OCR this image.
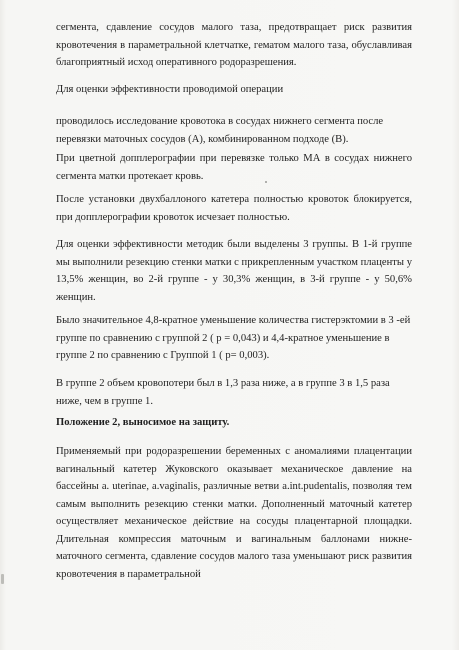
сегмента, сдавление сосудов малого таза, предотвращает риск развития кровотечения в параметральной клетчатке, гематом малого таза, обуславливая благоприятный исход оперативного родоразрешения.

Для оценки эффективности проводимой операции

проводилось исследование кровотока в сосудах нижнего сегмента после перевязки маточных сосудов (А), комбинированном подходе (В).

При цветной допплерографии при перевязке только МА в сосудах нижнего сегмента матки протекает кровь.

После установки двухбаллоного катетера полностью кровоток блокируется, при допплерографии кровоток исчезает полностью.

Для оценки эффективности методик были выделены 3 группы. В 1-й группе мы выполнили резекцию стенки матки с прикрепленным участком плаценты у 13,5% женщин, во 2-й группе - у 30,3% женщин, в 3-й группе - у 50,6% женщин.

Было значительное 4,8-кратное уменьшение количества гистерэктомии в 3 -ей группе по сравнению с группой 2 ( p = 0,043) и 4,4-кратное уменьшение в группе 2 по сравнению с Группой 1 ( p= 0,003).

В группе 2 объем кровопотери был в 1,3 раза ниже, а в группе 3 в 1,5 раза ниже, чем в группе 1.

Положение 2, выносимое на защиту.

Применяемый при родоразрешении беременных с аномалиями плацентации вагинальный катетер Жуковского оказывает механическое давление на бассейны a. uterinae, a.vaginalis, различные ветви a.int.pudentalis, позволяя тем самым выполнить резекцию стенки матки. Дополненный маточный катетер осуществляет механическое действие на сосуды плацентарной площадки. Длительная компрессия маточным и вагинальным баллонами нижне-маточного сегмента, сдавление сосудов малого таза уменьшают риск развития кровотечения в параметральной
